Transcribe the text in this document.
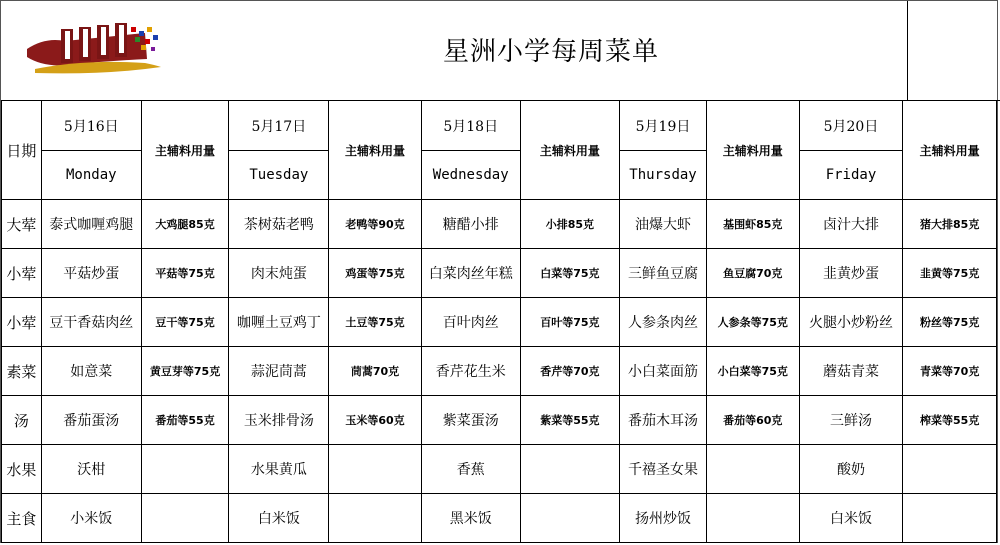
星洲小学每周菜单
日期	5月16日	主辅料用量	5月17日	主辅料用量	5月18日	主辅料用量	5月19日	主辅料用量	5月20日	主辅料用量
	Monday		Tuesday		Wednesday		Thursday		Friday	
大荤	泰式咖喱鸡腿	大鸡腿85克	茶树菇老鸭	老鸭等90克	糖醋小排	小排85克	油爆大虾	基围虾85克	卤汁大排	猪大排85克
小荤	平菇炒蛋	平菇等75克	肉末炖蛋	鸡蛋等75克	白菜肉丝年糕	白菜等75克	三鲜鱼豆腐	鱼豆腐70克	韭黄炒蛋	韭黄等75克
小荤	豆干香菇肉丝	豆干等75克	咖喱土豆鸡丁	土豆等75克	百叶肉丝	百叶等75克	人参条肉丝	人参条等75克	火腿小炒粉丝	粉丝等75克
素菜	如意菜	黄豆芽等75克	蒜泥茼蒿	茼蒿70克	香芹花生米	香芹等70克	小白菜面筋	小白菜等75克	蘑菇青菜	青菜等70克
汤	番茄蛋汤	番茄等55克	玉米排骨汤	玉米等60克	紫菜蛋汤	紫菜等55克	番茄木耳汤	番茄等60克	三鲜汤	榨菜等55克
水果	沃柑		水果黄瓜		香蕉		千禧圣女果		酸奶	
主食	小米饭		白米饭		黑米饭		扬州炒饭		白米饭	
